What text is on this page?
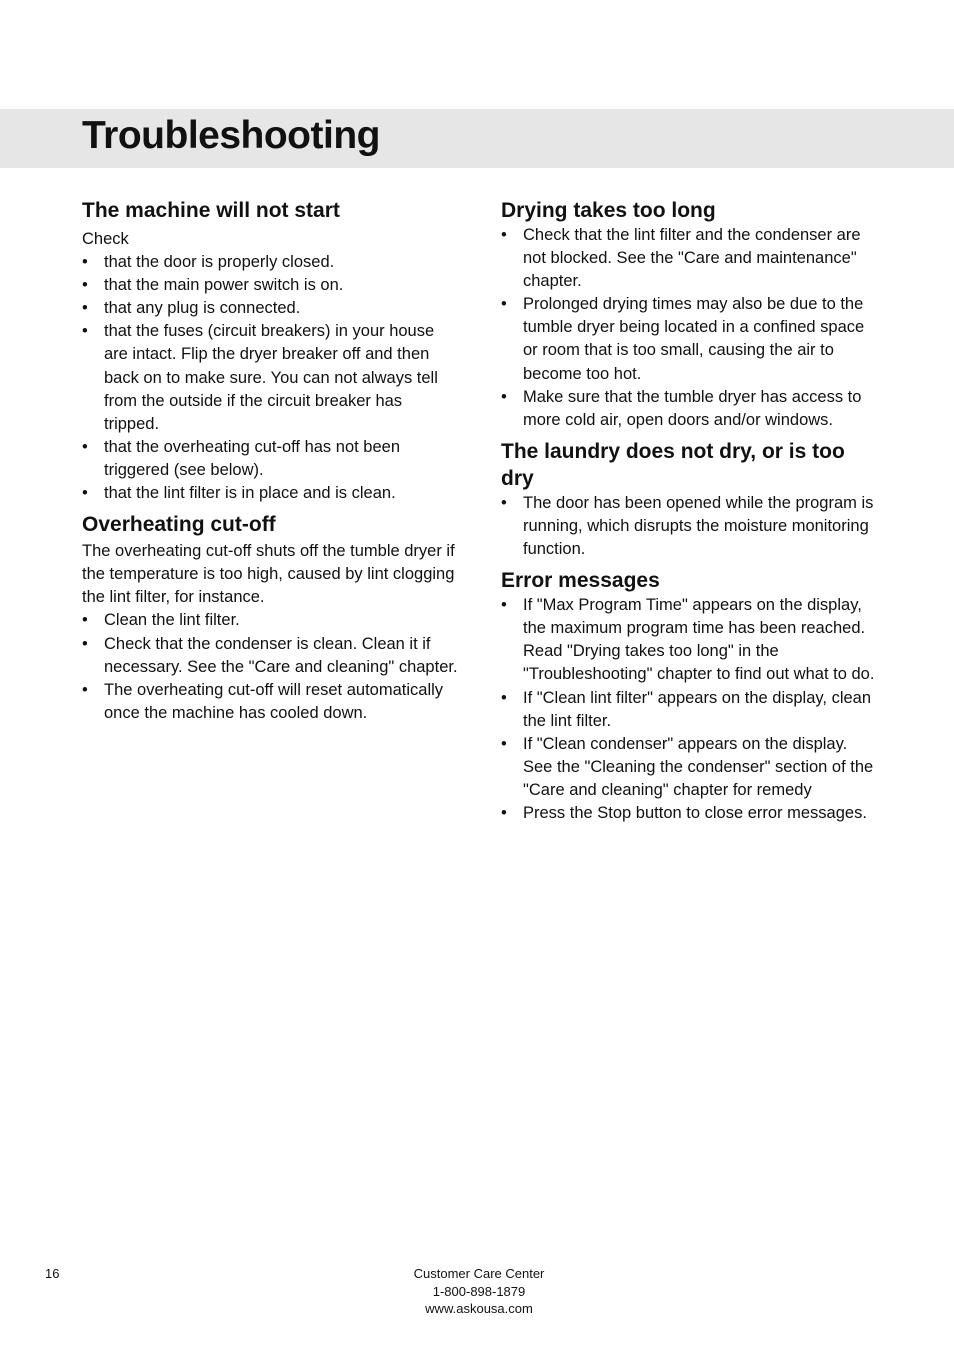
Troubleshooting
The machine will not start

Check

• that the door is properly closed.
• that the main power switch is on.
• that any plug is connected.
• that the fuses (circuit breakers) in your house are intact. Flip the dryer breaker off and then back on to make sure. You can not always tell from the outside if the circuit breaker has tripped.
• that the overheating cut-off has not been triggered (see below).
• that the lint filter is in place and is clean.
Overheating cut-off

The overheating cut-off shuts off the tumble dryer if the temperature is too high, caused by lint clogging the lint filter, for instance.

• Clean the lint filter.
• Check that the condenser is clean. Clean it if necessary. See the "Care and cleaning" chapter.
• The overheating cut-off will reset automatically once the machine has cooled down.
Drying takes too long
• Check that the lint filter and the condenser are not blocked. See the "Care and maintenance" chapter.
• Prolonged drying times may also be due to the tumble dryer being located in a confined space or room that is too small, causing the air to become too hot.
• Make sure that the tumble dryer has access to more cold air, open doors and/or windows.
The laundry does not dry, or is too dry
• The door has been opened while the program is running, which disrupts the moisture monitoring function.
Error messages
• If "Max Program Time" appears on the display, the maximum program time has been reached. Read "Drying takes too long" in the "Troubleshooting" chapter to find out what to do.
• If "Clean lint filter" appears on the display, clean the lint filter.
• If "Clean condenser" appears on the display. See the "Cleaning the condenser" section of the "Care and cleaning" chapter for remedy
• Press the Stop button to close error messages.
16	Customer Care Center
1-800-898-1879
www.askousa.com
